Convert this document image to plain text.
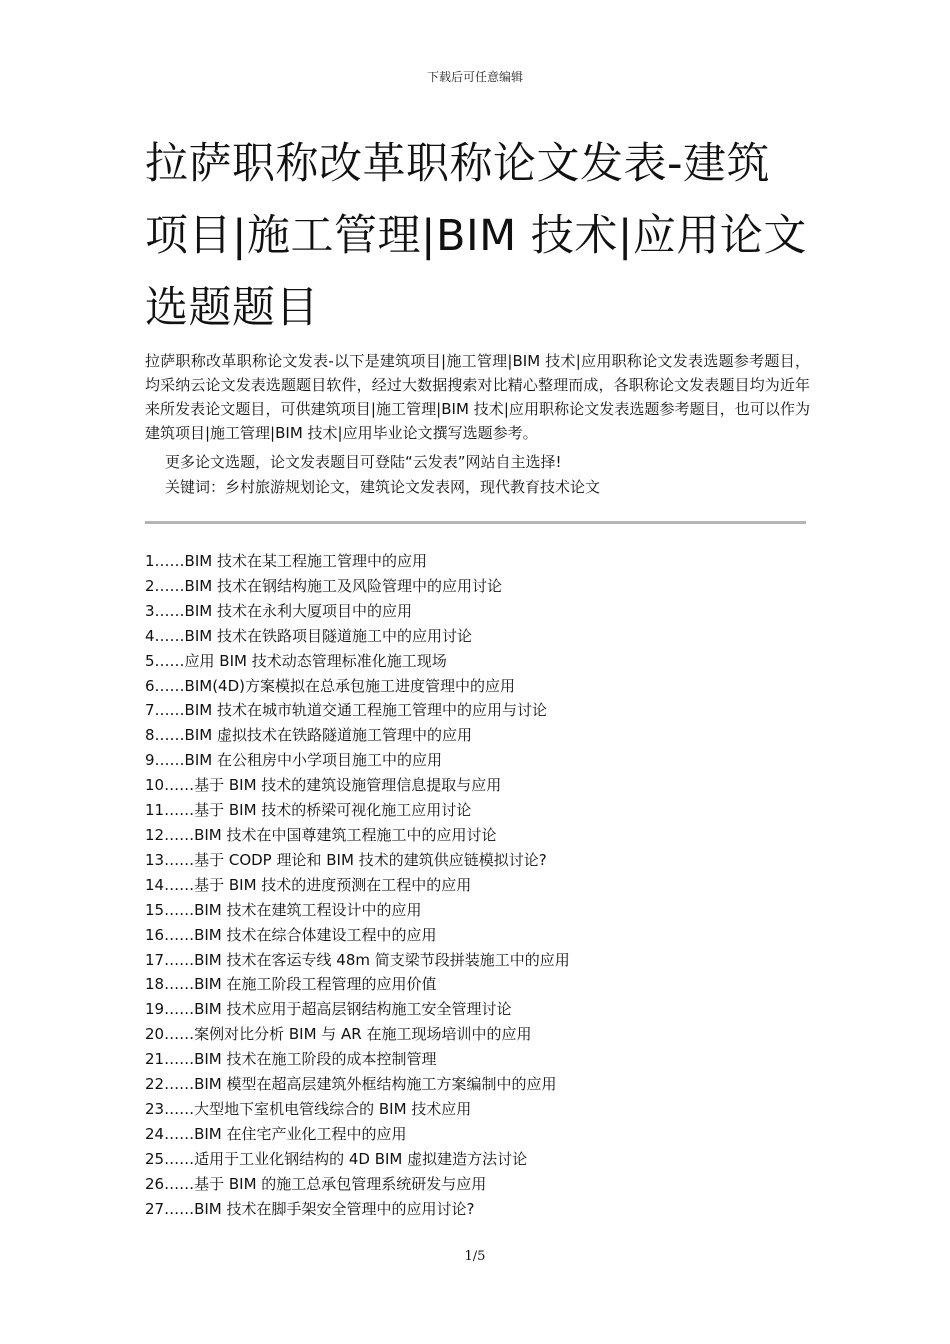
下载后可任意编辑
拉萨职称改革职称论文发表-建筑项目|施工管理|BIM 技术|应用论文选题题目

拉萨职称改革职称论文发表-以下是建筑项目|施工管理|BIM 技术|应用职称论文发表选题参考题目，均采纳云论文发表选题题目软件，经过大数据搜索对比精心整理而成，各职称论文发表题目均为近年来所发表论文题目，可供建筑项目|施工管理|BIM 技术|应用职称论文发表选题参考题目，也可以作为建筑项目|施工管理|BIM 技术|应用毕业论文撰写选题参考。

更多论文选题，论文发表题目可登陆“云发表”网站自主选择!
关键词：乡村旅游规划论文，建筑论文发表网，现代教育技术论文
1……BIM 技术在某工程施工管理中的应用
2……BIM 技术在钢结构施工及风险管理中的应用讨论
3……BIM 技术在永利大厦项目中的应用
4……BIM 技术在铁路项目隧道施工中的应用讨论
5……应用 BIM 技术动态管理标准化施工现场
6……BIM(4D)方案模拟在总承包施工进度管理中的应用
7……BIM 技术在城市轨道交通工程施工管理中的应用与讨论
8……BIM 虚拟技术在铁路隧道施工管理中的应用
9……BIM 在公租房中小学项目施工中的应用
10……基于 BIM 技术的建筑设施管理信息提取与应用
11……基于 BIM 技术的桥梁可视化施工应用讨论
12……BIM 技术在中国尊建筑工程施工中的应用讨论
13……基于 CODP 理论和 BIM 技术的建筑供应链模拟讨论?
14……基于 BIM 技术的进度预测在工程中的应用
15……BIM 技术在建筑工程设计中的应用
16……BIM 技术在综合体建设工程中的应用
17……BIM 技术在客运专线 48m 简支梁节段拼装施工中的应用
18……BIM 在施工阶段工程管理的应用价值
19……BIM 技术应用于超高层钢结构施工安全管理讨论
20……案例对比分析 BIM 与 AR 在施工现场培训中的应用
21……BIM 技术在施工阶段的成本控制管理
22……BIM 模型在超高层建筑外框结构施工方案编制中的应用
23……大型地下室机电管线综合的 BIM 技术应用
24……BIM 在住宅产业化工程中的应用
25……适用于工业化钢结构的 4D BIM 虚拟建造方法讨论
26……基于 BIM 的施工总承包管理系统研发与应用
27……BIM 技术在脚手架安全管理中的应用讨论?
1/5
